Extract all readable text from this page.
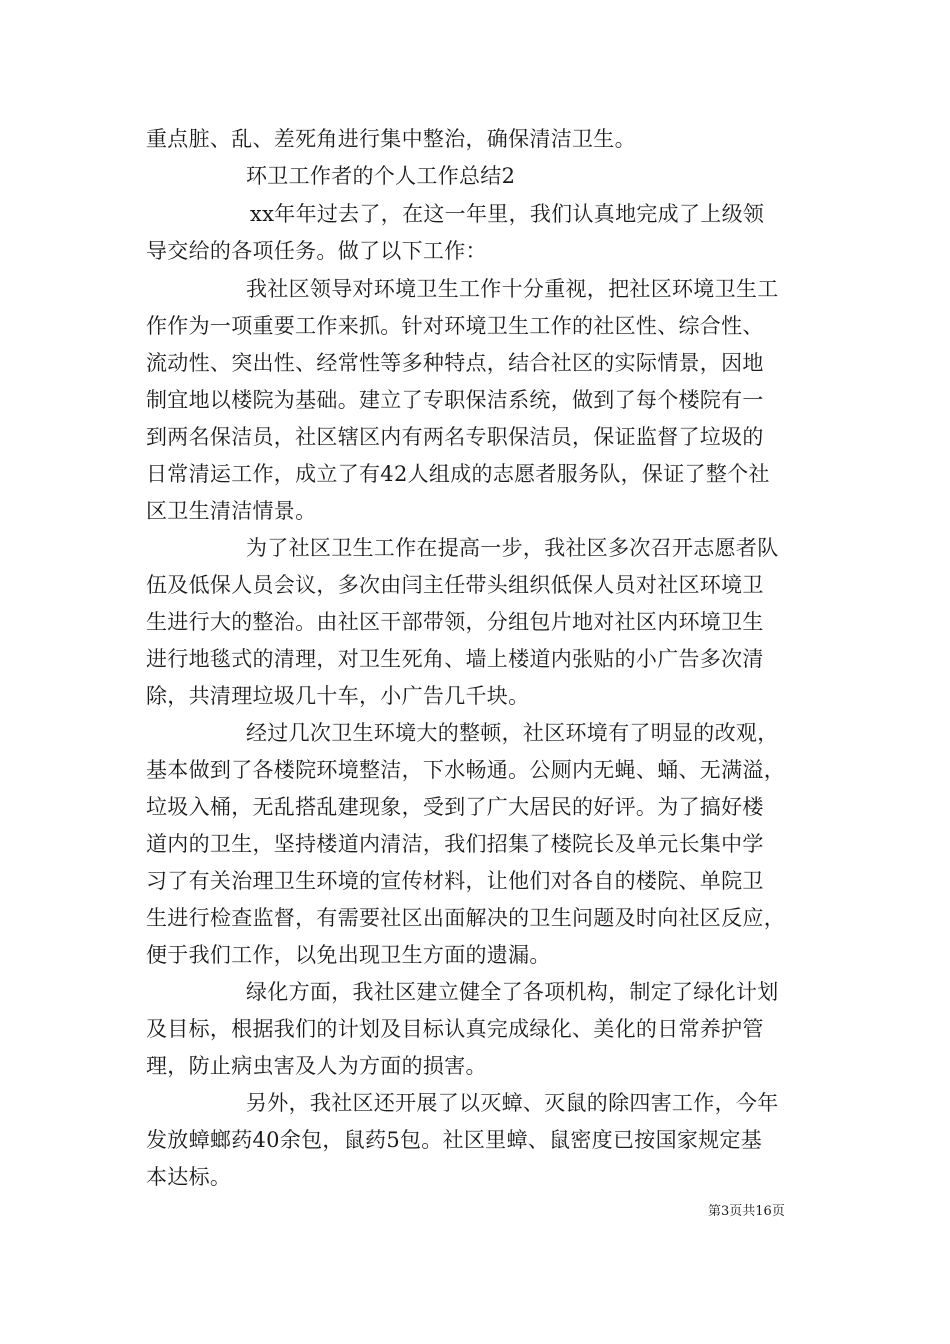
重点脏、乱、差死角进行集中整治，确保清洁卫生。
环卫工作者的个人工作总结2
xx年年过去了，在这一年里，我们认真地完成了上级领
导交给的各项任务。做了以下工作：
我社区领导对环境卫生工作十分重视，把社区环境卫生工
作作为一项重要工作来抓。针对环境卫生工作的社区性、综合性、
流动性、突出性、经常性等多种特点，结合社区的实际情景，因地
制宜地以楼院为基础。建立了专职保洁系统，做到了每个楼院有一
到两名保洁员，社区辖区内有两名专职保洁员，保证监督了垃圾的
日常清运工作，成立了有42人组成的志愿者服务队，保证了整个社
区卫生清洁情景。
为了社区卫生工作在提高一步，我社区多次召开志愿者队
伍及低保人员会议，多次由闫主任带头组织低保人员对社区环境卫
生进行大的整治。由社区干部带领，分组包片地对社区内环境卫生
进行地毯式的清理，对卫生死角、墙上楼道内张贴的小广告多次清
除，共清理垃圾几十车，小广告几千块。
经过几次卫生环境大的整顿，社区环境有了明显的改观，
基本做到了各楼院环境整洁，下水畅通。公厕内无蝇、蛹、无满溢，
垃圾入桶，无乱搭乱建现象，受到了广大居民的好评。为了搞好楼
道内的卫生，坚持楼道内清洁，我们招集了楼院长及单元长集中学
习了有关治理卫生环境的宣传材料，让他们对各自的楼院、单院卫
生进行检查监督，有需要社区出面解决的卫生问题及时向社区反应，
便于我们工作，以免出现卫生方面的遗漏。
绿化方面，我社区建立健全了各项机构，制定了绿化计划
及目标，根据我们的计划及目标认真完成绿化、美化的日常养护管
理，防止病虫害及人为方面的损害。
另外，我社区还开展了以灭蟑、灭鼠的除四害工作，今年
发放蟑螂药40余包，鼠药5包。社区里蟑、鼠密度已按国家规定基
本达标。
第3页共16页
